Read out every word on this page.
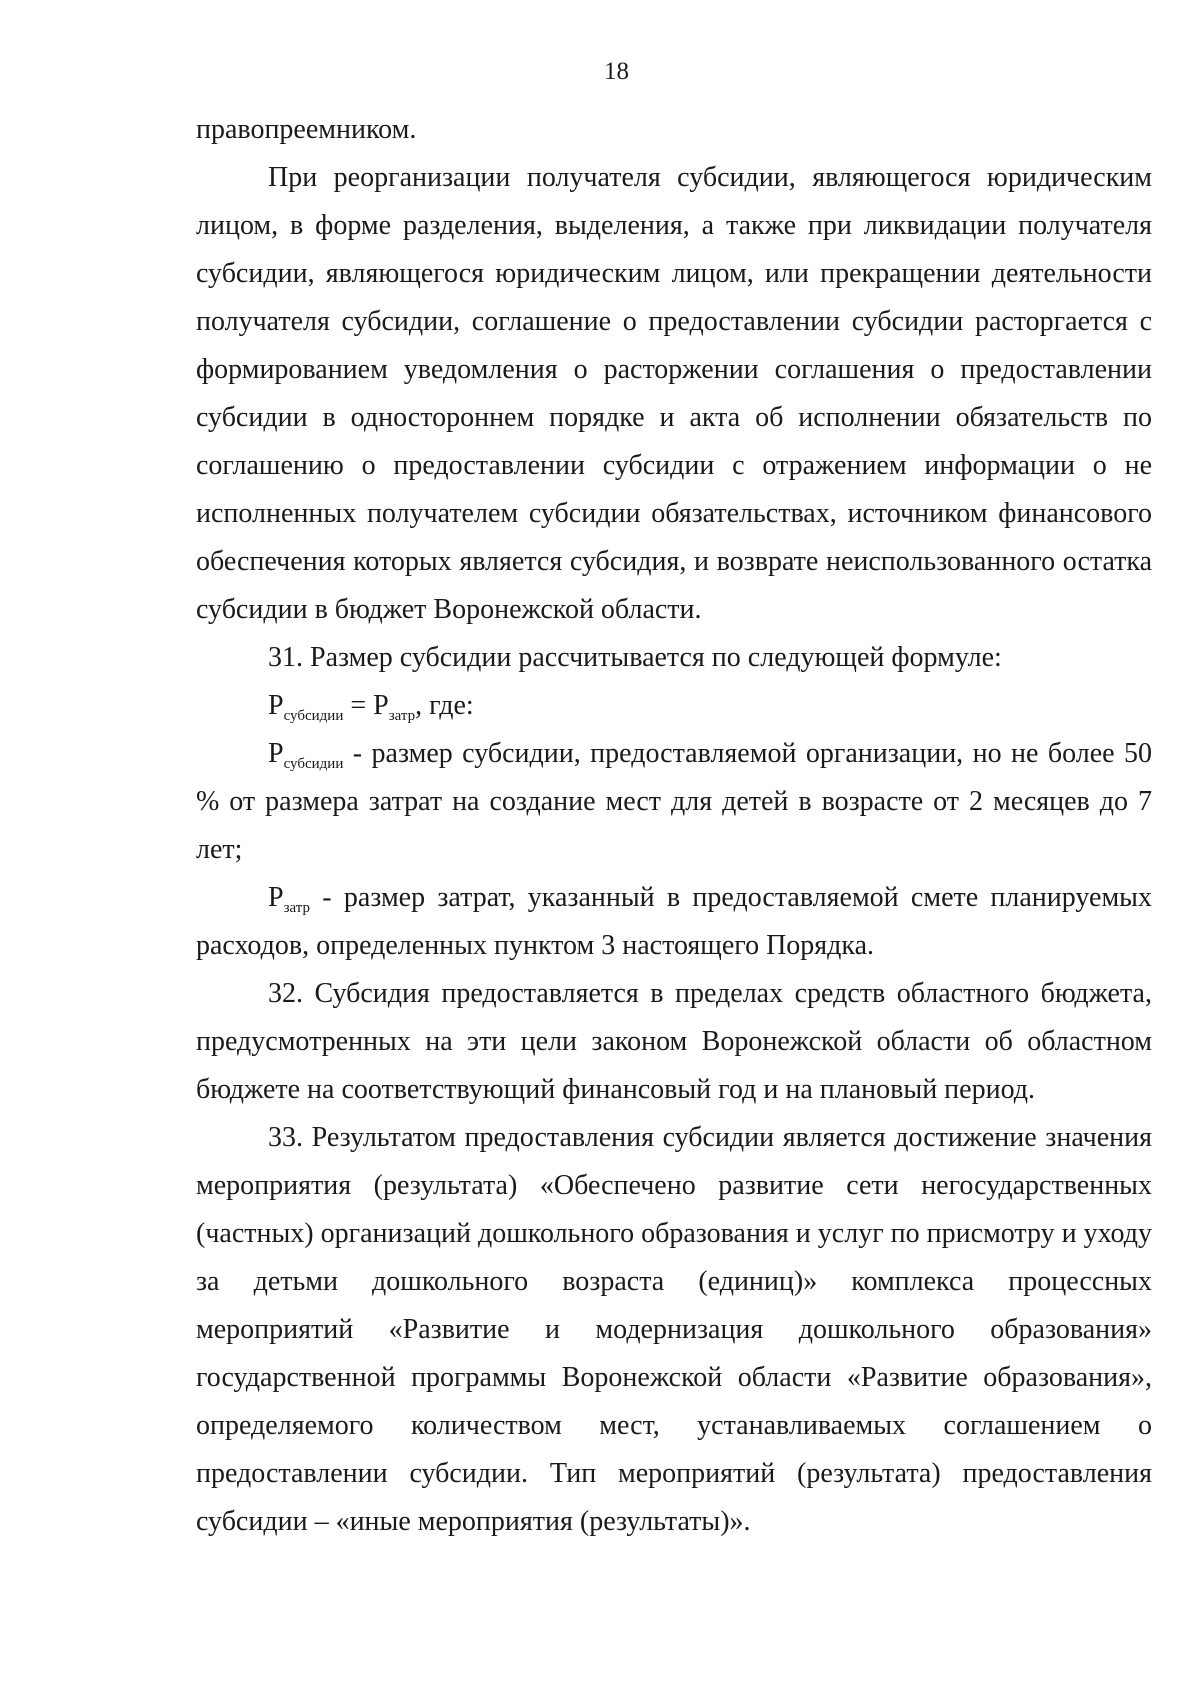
18

правопреемником.

При реорганизации получателя субсидии, являющегося юридическим лицом, в форме разделения, выделения, а также при ликвидации получателя субсидии, являющегося юридическим лицом, или прекращении деятельности получателя субсидии, соглашение о предоставлении субсидии расторгается с формированием уведомления о расторжении соглашения о предоставлении субсидии в одностороннем порядке и акта об исполнении обязательств по соглашению о предоставлении субсидии с отражением информации о не исполненных получателем субсидии обязательствах, источником финансового обеспечения которых является субсидия, и возврате неиспользованного остатка субсидии в бюджет Воронежской области.

31. Размер субсидии рассчитывается по следующей формуле:

$Р_{субсидии} = Р_{затр}$, где:

$Р_{субсидии}$ - размер субсидии, предоставляемой организации, но не более 50 % от размера затрат на создание мест для детей в возрасте от 2 месяцев до 7 лет;

$Р_{затр}$ - размер затрат, указанный в предоставляемой смете планируемых расходов, определенных пунктом 3 настоящего Порядка.

32. Субсидия предоставляется в пределах средств областного бюджета, предусмотренных на эти цели законом Воронежской области об областном бюджете на соответствующий финансовый год и на плановый период.

33. Результатом предоставления субсидии является достижение значения мероприятия (результата) «Обеспечено развитие сети негосударственных (частных) организаций дошкольного образования и услуг по присмотру и уходу за детьми дошкольного возраста (единиц)» комплекса процессных мероприятий «Развитие и модернизация дошкольного образования» государственной программы Воронежской области «Развитие образования», определяемого количеством мест, устанавливаемых соглашением о предоставлении субсидии. Тип мероприятий (результата) предоставления субсидии – «иные мероприятия (результаты)».
